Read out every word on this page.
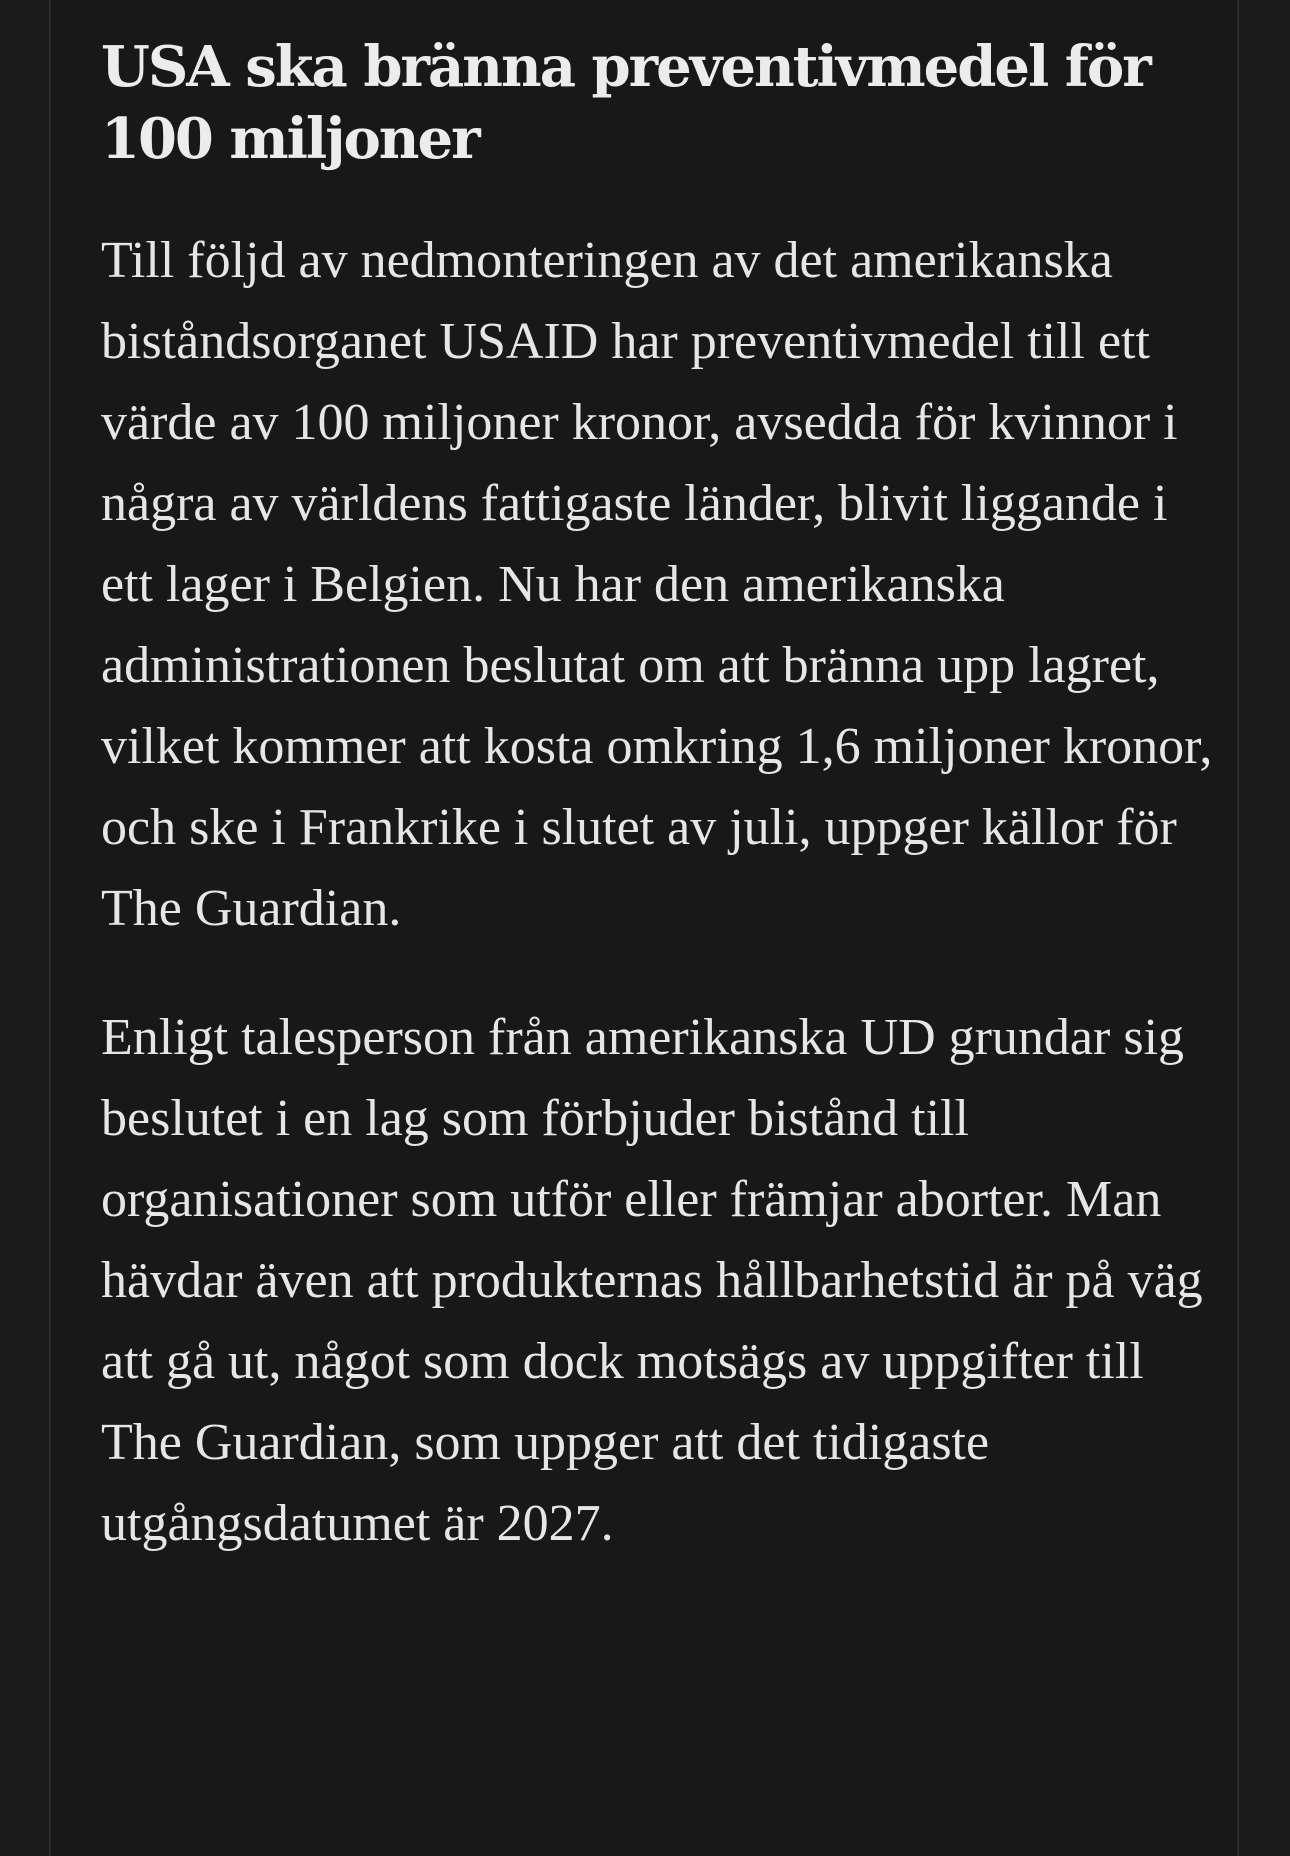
USA ska bränna preventivmedel för 100 miljoner

Till följd av nedmonteringen av det amerikanska biståndsorganet USAID har preventivmedel till ett värde av 100 miljoner kronor, avsedda för kvinnor i några av världens fattigaste länder, blivit liggande i ett lager i Belgien. Nu har den amerikanska administrationen beslutat om att bränna upp lagret, vilket kommer att kosta omkring 1,6 miljoner kronor, och ske i Frankrike i slutet av juli, uppger källor för The Guardian.

Enligt talesperson från amerikanska UD grundar sig beslutet i en lag som förbjuder bistånd till organisationer som utför eller främjar aborter. Man hävdar även att produkternas hållbarhetstid är på väg att gå ut, något som dock motsägs av uppgifter till The Guardian, som uppger att det tidigaste utgångsdatumet är 2027.
